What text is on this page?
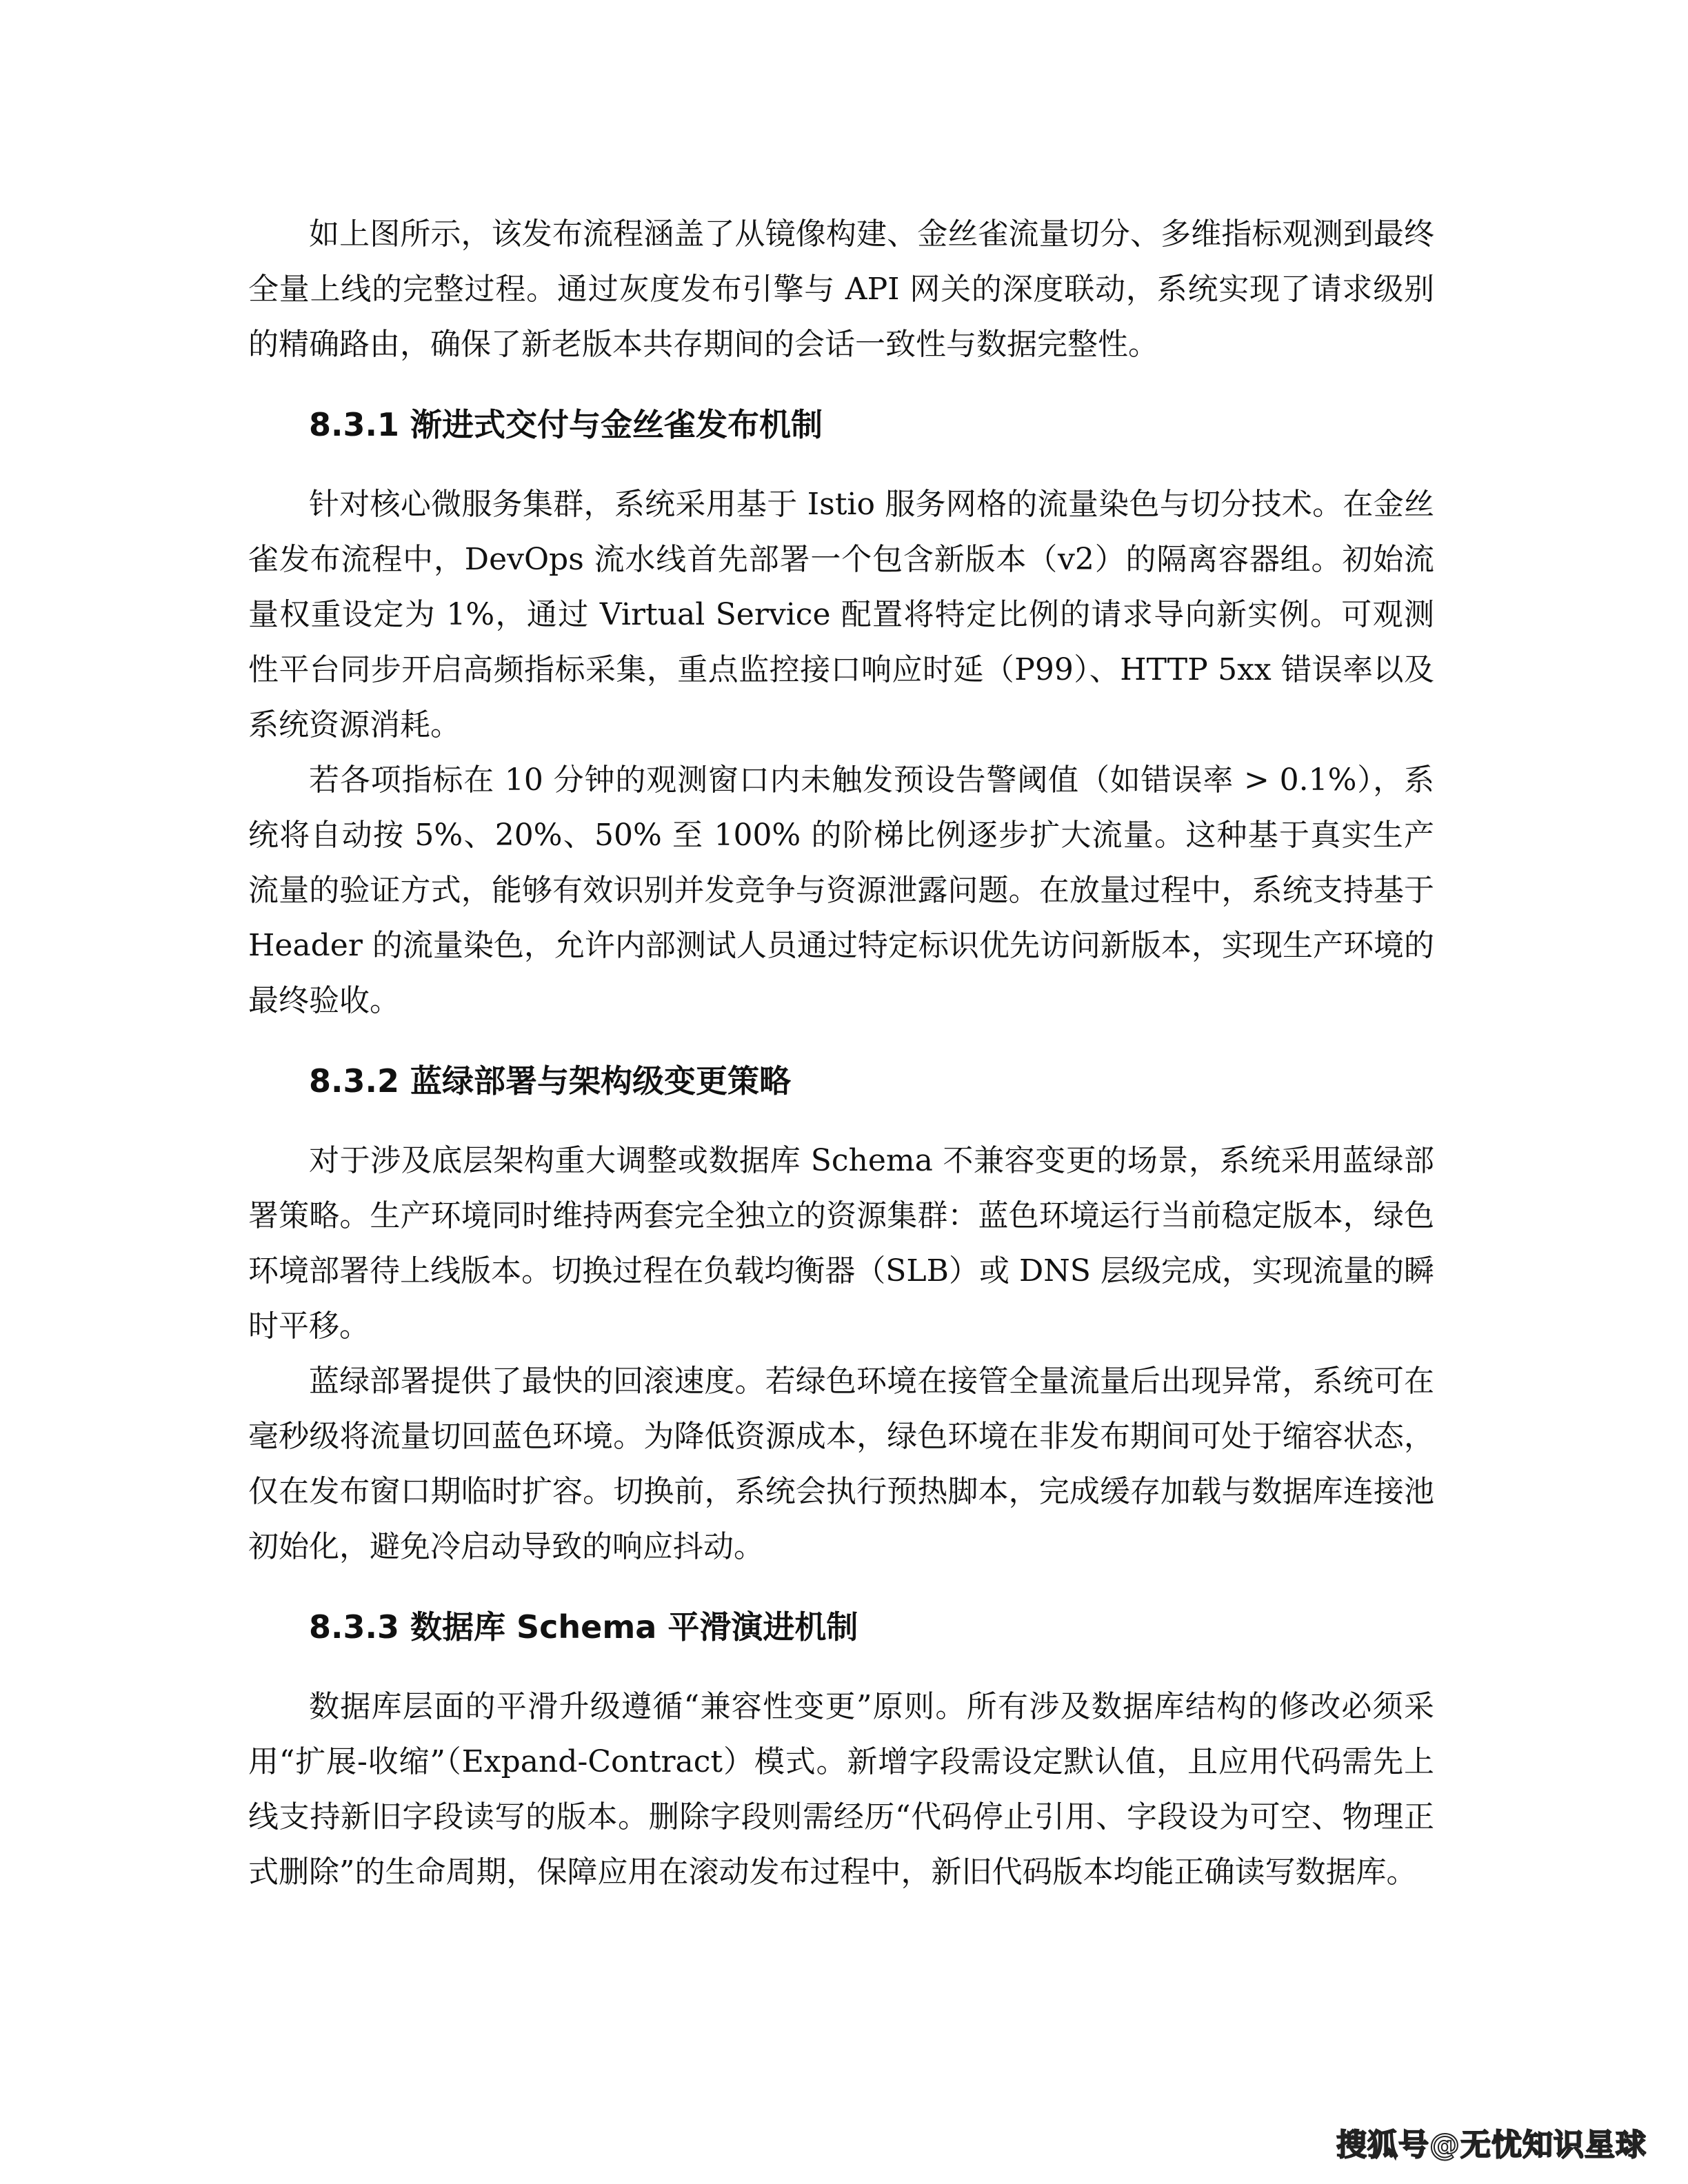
如上图所示，该发布流程涵盖了从镜像构建、金丝雀流量切分、多维指标观测到最终全量上线的完整过程。通过灰度发布引擎与 API 网关的深度联动，系统实现了请求级别的精确路由，确保了新老版本共存期间的会话一致性与数据完整性。

8.3.1 渐进式交付与金丝雀发布机制

针对核心微服务集群，系统采用基于 Istio 服务网格的流量染色与切分技术。在金丝雀发布流程中，DevOps 流水线首先部署一个包含新版本（v2）的隔离容器组。初始流量权重设定为 1%，通过 Virtual Service 配置将特定比例的请求导向新实例。可观测性平台同步开启高频指标采集，重点监控接口响应时延（P99）、HTTP 5xx 错误率以及系统资源消耗。

若各项指标在 10 分钟的观测窗口内未触发预设告警阈值（如错误率 > 0.1%），系统将自动按 5%、20%、50% 至 100% 的阶梯比例逐步扩大流量。这种基于真实生产流量的验证方式，能够有效识别并发竞争与资源泄露问题。在放量过程中，系统支持基于 Header 的流量染色，允许内部测试人员通过特定标识优先访问新版本，实现生产环境的最终验收。

8.3.2 蓝绿部署与架构级变更策略

对于涉及底层架构重大调整或数据库 Schema 不兼容变更的场景，系统采用蓝绿部署策略。生产环境同时维持两套完全独立的资源集群：蓝色环境运行当前稳定版本，绿色环境部署待上线版本。切换过程在负载均衡器（SLB）或 DNS 层级完成，实现流量的瞬时平移。

蓝绿部署提供了最快的回滚速度。若绿色环境在接管全量流量后出现异常，系统可在毫秒级将流量切回蓝色环境。为降低资源成本，绿色环境在非发布期间可处于缩容状态，仅在发布窗口期临时扩容。切换前，系统会执行预热脚本，完成缓存加载与数据库连接池初始化，避免冷启动导致的响应抖动。

8.3.3 数据库 Schema 平滑演进机制

数据库层面的平滑升级遵循“兼容性变更”原则。所有涉及数据库结构的修改必须采用“扩展-收缩”（Expand-Contract）模式。新增字段需设定默认值，且应用代码需先上线支持新旧字段读写的版本。删除字段则需经历“代码停止引用、字段设为可空、物理正式删除”的生命周期，保障应用在滚动发布过程中，新旧代码版本均能正确读写数据库。

搜狐号@无忧知识星球
